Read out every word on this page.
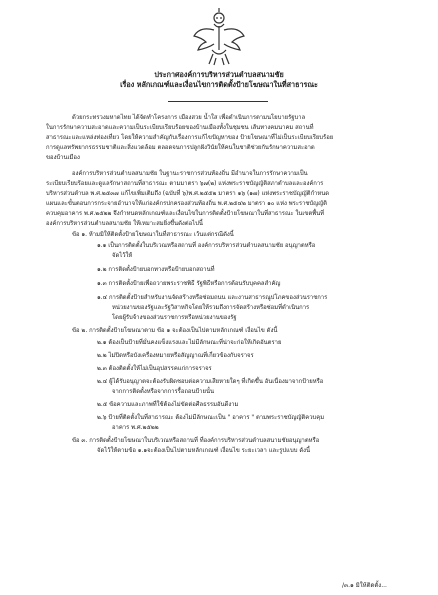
ประกาศองค์การบริหารส่วนตำบลสนามชัย
เรื่อง หลักเกณฑ์และเงื่อนไขการติดตั้งป้ายโฆษณาในที่สาธารณะ
ด้วยกระทรวงมหาดไทย ได้จัดทำโครงการ เมืองสวย น้ำใส เพื่อดำเนินการตามนโยบายรัฐบาล
ในการรักษาความสะอาดและความเป็นระเบียบเรียบร้อยของบ้านเมืองทั้งในชุมชน เส้นทางคมนาคม สถานที่
สาธารณะและแหล่งท่องเที่ยว โดยให้ความสำคัญกับเรื่องการแก้ไขปัญหาของ ป้ายโฆษณาที่ไม่เป็นระเบียบเรียบร้อย
การดูแลทรัพยากรธรรมชาติและสิ่งแวดล้อม ตลอดจนการปลูกฝังวินัยให้คนในชาติช่วยกันรักษาความสะอาด
ของบ้านเมือง
องค์การบริหารส่วนตำบลสนามชัย ในฐานะราชการส่วนท้องถิ่น มีอำนาจในการรักษาความเป็น
ระเบียบเรียบร้อยและดูแลรักษาสถานที่สาธารณะ ตามมาตรา ๖๗(๒) แห่งพระราชบัญญัติสภาตำบลและองค์การ
บริหารส่วนตำบล พ.ศ.๒๕๓๗ แก้ไขเพิ่มเติมถึง (ฉบับที่ ๖)พ.ศ.๒๕๕๒ มาตรา ๑๖ (๑๗) แห่งพระราชบัญญัติกำหนด
แผนและขั้นตอนการกระจายอำนาจให้แก่องค์กรปกครองส่วนท้องถิ่น พ.ศ.๒๕๔๒ มาตรา ๑๐ แห่ง พระราชบัญญัติ
ควบคุมอาคาร พ.ศ.๒๕๒๒ จึงกำหนดหลักเกณฑ์และเงื่อนไขในการติดตั้งป้ายโฆษณาในที่สาธารณะ ในเขตพื้นที่
องค์การบริหารส่วนตำบลสนามชัย ให้เหมาะสมยิ่งขึ้นดังต่อไปนี้
ข้อ ๑. ห้ามมิให้ติดตั้งป้ายโฆษณาในที่สาธารณะ เว้นแต่กรณีดังนี้
๑.๑ เป็นการติดตั้งในบริเวณหรือสถานที่ องค์การบริหารส่วนตำบลสนามชัย อนุญาตหรือ
จัดไว้ให้
๑.๒ การติดตั้งป้ายบอกทางหรือป้ายบอกสถานที่
๑.๓ การติดตั้งป้ายเพื่อถวายพระราชพิธี รัฐพิธีหรือการต้อนรับบุคคลสำคัญ
๑.๔ การติดตั้งป้ายสำหรับงานจัดสร้างหรือซ่อมถนน และงานสาธารณูปโภคของส่วนราชการ
หน่วยงานของรัฐและรัฐวิสาหกิจโดยให้รวมถึงการจัดสร้างหรือซ่อมที่ดำเนินการ
โดยผู้รับจ้างของส่วนราชการหรือหน่วยงานของรัฐ
ข้อ ๒. การติดตั้งป้ายโฆษณาตาม ข้อ ๑ จะต้องเป็นไปตามหลักเกณฑ์ เงื่อนไข ดังนี้
๒.๑ ต้องเป็นป้ายที่มั่นคงแข็งแรงและไม่มีลักษณะที่น่าจะก่อให้เกิดอันตราย
๒.๒ ไม่ปิดหรือบังเครื่องหมายหรือสัญญาณที่เกี่ยวข้องกับจราจร
๒.๓ ต้องติดตั้งให้ไม่เป็นอุปสรรคแก่การจราจร
๒.๔ ผู้ได้รับอนุญาตจะต้องรับผิดชอบต่อความเสียหายใดๆ ที่เกิดขึ้น อันเนื่องมาจากป้ายหรือ
จากการติดตั้งหรือจากการรื้อถอนป้ายนั้น
๒.๕ ข้อความและภาพที่ใช้ต้องไม่ขัดต่อศีลธรรมอันดีงาม
๒.๖ ป้ายที่ติดตั้งในที่สาธารณะ ต้องไม่มีลักษณะเป็น " อาคาร " ตามพระราชบัญญัติควบคุม
อาคาร พ.ศ.๒๕๒๒
ข้อ ๓. การติดตั้งป้ายโฆษณาในบริเวณหรือสถานที่ ที่องค์การบริหารส่วนตำบลสนามชัยอนุญาตหรือ
จัดไว้ให้ตามข้อ ๑.๑จะต้องเป็นไปตามหลักเกณฑ์ เงื่อนไข ระยะเวลา และรูปแบบ ดังนี้
/๓.๑ มิให้ติดตั้ง...
